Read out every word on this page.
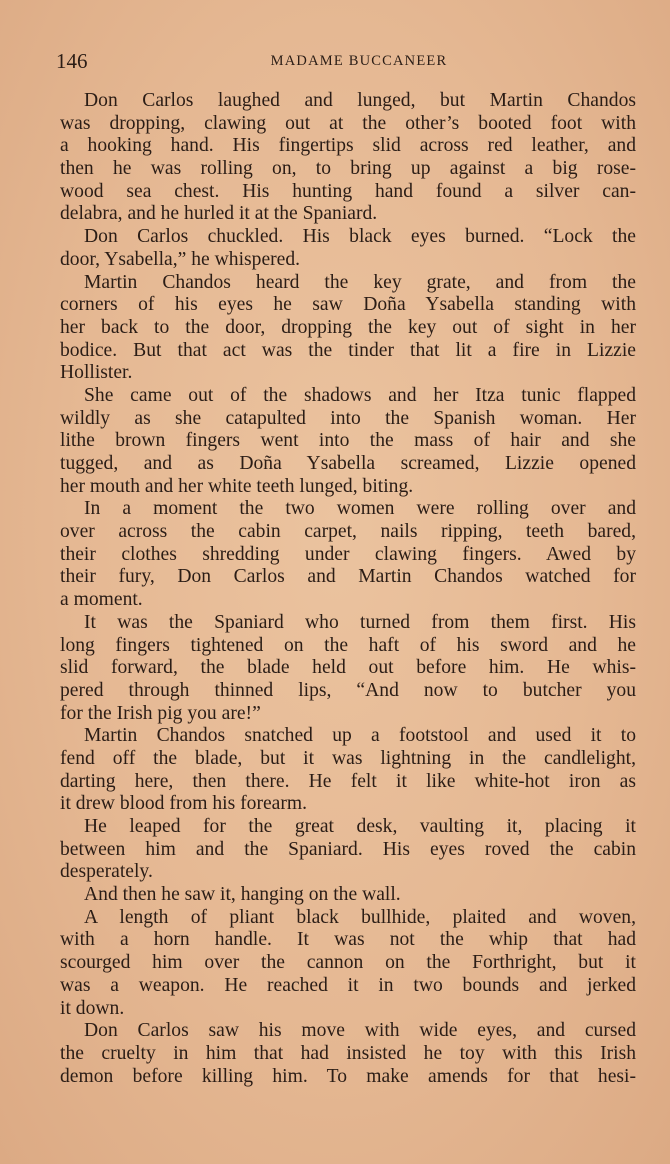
146	MADAME BUCCANEER
Don Carlos laughed and lunged, but Martin Chandos
was dropping, clawing out at the other’s booted foot with
a hooking hand. His fingertips slid across red leather, and
then he was rolling on, to bring up against a big rose-
wood sea chest. His hunting hand found a silver can-
delabra, and he hurled it at the Spaniard.
Don Carlos chuckled. His black eyes burned. “Lock the
door, Ysabella,” he whispered.
Martin Chandos heard the key grate, and from the
corners of his eyes he saw Doña Ysabella standing with
her back to the door, dropping the key out of sight in her
bodice. But that act was the tinder that lit a fire in Lizzie
Hollister.
She came out of the shadows and her Itza tunic flapped
wildly as she catapulted into the Spanish woman. Her
lithe brown fingers went into the mass of hair and she
tugged, and as Doña Ysabella screamed, Lizzie opened
her mouth and her white teeth lunged, biting.
In a moment the two women were rolling over and
over across the cabin carpet, nails ripping, teeth bared,
their clothes shredding under clawing fingers. Awed by
their fury, Don Carlos and Martin Chandos watched for
a moment.
It was the Spaniard who turned from them first. His
long fingers tightened on the haft of his sword and he
slid forward, the blade held out before him. He whis-
pered through thinned lips, “And now to butcher you
for the Irish pig you are!”
Martin Chandos snatched up a footstool and used it to
fend off the blade, but it was lightning in the candlelight,
darting here, then there. He felt it like white-hot iron as
it drew blood from his forearm.
He leaped for the great desk, vaulting it, placing it
between him and the Spaniard. His eyes roved the cabin
desperately.
And then he saw it, hanging on the wall.
A length of pliant black bullhide, plaited and woven,
with a horn handle. It was not the whip that had
scourged him over the cannon on the Forthright, but it
was a weapon. He reached it in two bounds and jerked
it down.
Don Carlos saw his move with wide eyes, and cursed
the cruelty in him that had insisted he toy with this Irish
demon before killing him. To make amends for that hesi-
